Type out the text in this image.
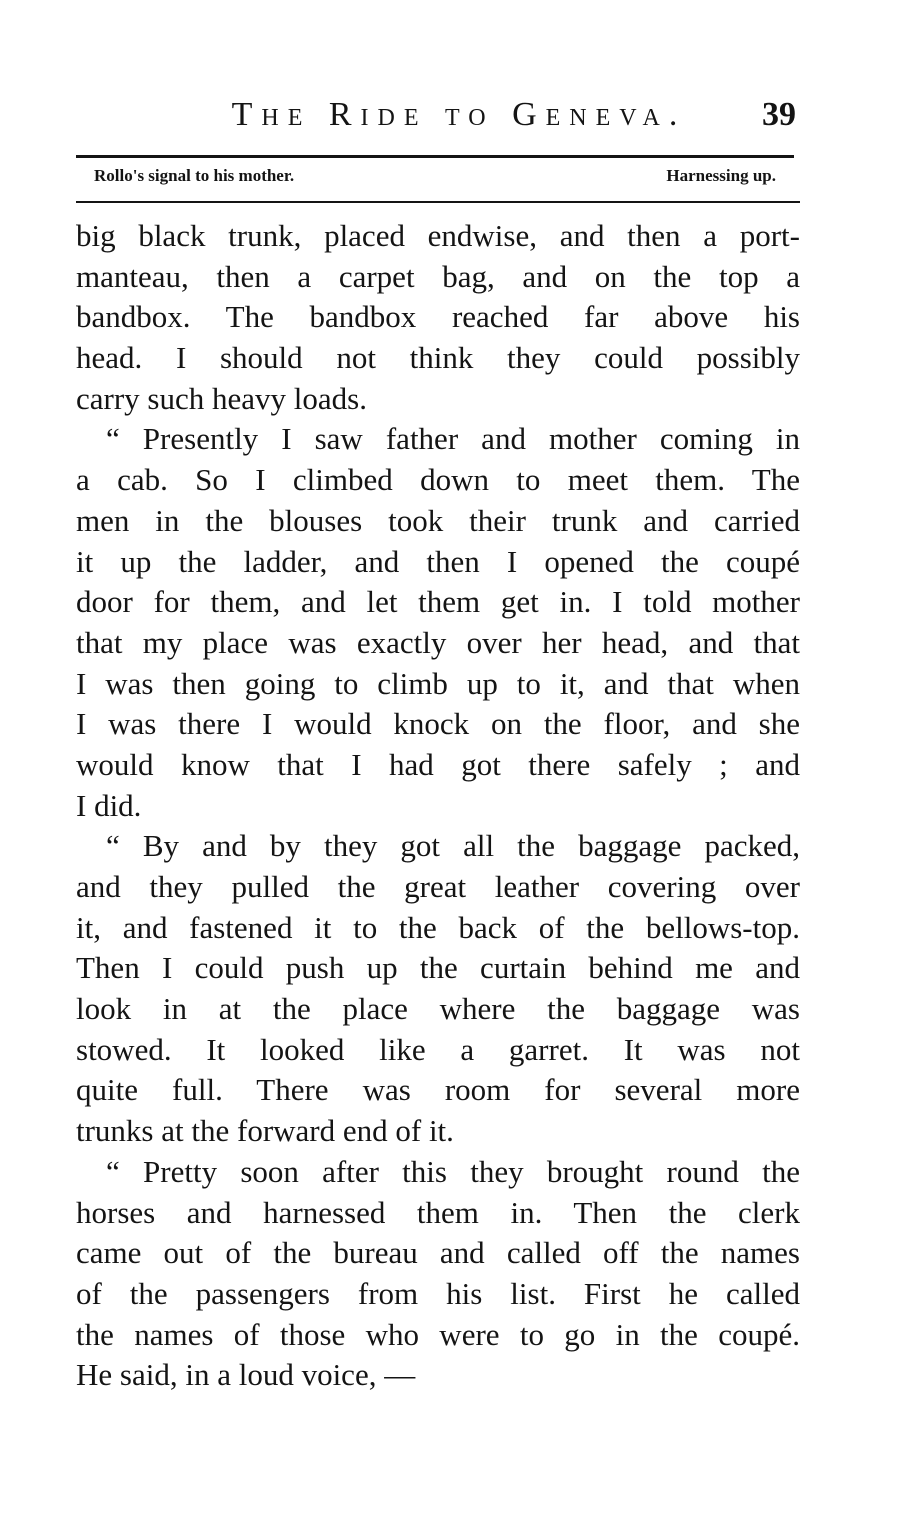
The Ride to Geneva.	39
Rollo's signal to his mother.	Harnessing up.
big black trunk, placed endwise, and then a port-
manteau, then a carpet bag, and on the top a
bandbox. The bandbox reached far above his
head. I should not think they could possibly
carry such heavy loads.
“ Presently I saw father and mother coming in
a cab. So I climbed down to meet them. The
men in the blouses took their trunk and carried
it up the ladder, and then I opened the coupé
door for them, and let them get in. I told mother
that my place was exactly over her head, and that
I was then going to climb up to it, and that when
I was there I would knock on the floor, and she
would know that I had got there safely ; and
I did.
“ By and by they got all the baggage packed,
and they pulled the great leather covering over
it, and fastened it to the back of the bellows-top.
Then I could push up the curtain behind me and
look in at the place where the baggage was
stowed. It looked like a garret. It was not
quite full. There was room for several more
trunks at the forward end of it.
“ Pretty soon after this they brought round the
horses and harnessed them in. Then the clerk
came out of the bureau and called off the names
of the passengers from his list. First he called
the names of those who were to go in the coupé.
He said, in a loud voice, —
